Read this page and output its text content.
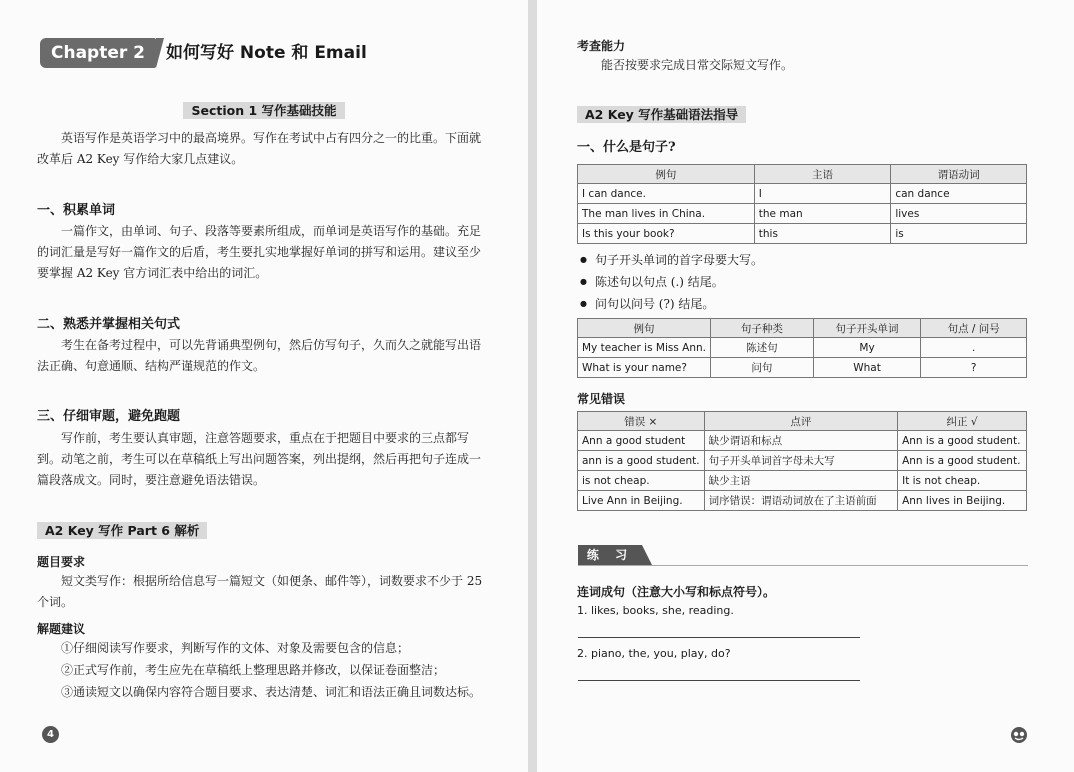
Chapter 2	如何写好 Note 和 Email
Section 1 写作基础技能
英语写作是英语学习中的最高境界。写作在考试中占有四分之一的比重。下面就改革后 A2 Key 写作给大家几点建议。
一、积累单词
一篇作文，由单词、句子、段落等要素所组成，而单词是英语写作的基础。充足的词汇量是写好一篇作文的后盾，考生要扎实地掌握好单词的拼写和运用。建议至少要掌握 A2 Key 官方词汇表中给出的词汇。
二、熟悉并掌握相关句式
考生在备考过程中，可以先背诵典型例句，然后仿写句子，久而久之就能写出语法正确、句意通顺、结构严谨规范的作文。
三、仔细审题，避免跑题
写作前，考生要认真审题，注意答题要求，重点在于把题目中要求的三点都写到。动笔之前，考生可以在草稿纸上写出问题答案，列出提纲，然后再把句子连成一篇段落成文。同时，要注意避免语法错误。
A2 Key 写作 Part 6 解析
题目要求
短文类写作：根据所给信息写一篇短文（如便条、邮件等），词数要求不少于 25 个词。
解题建议
①仔细阅读写作要求，判断写作的文体、对象及需要包含的信息；
②正式写作前，考生应先在草稿纸上整理思路并修改，以保证卷面整洁；
③通读短文以确保内容符合题目要求、表达清楚、词汇和语法正确且词数达标。
4
考查能力
能否按要求完成日常交际短文写作。
A2 Key 写作基础语法指导
一、什么是句子?
例句	主语	谓语动词
I can dance.	I	can dance
The man lives in China.	the man	lives
Is this your book?	this	is
● 句子开头单词的首字母要大写。
● 陈述句以句点 (.) 结尾。
● 问句以问号 (?) 结尾。
例句	句子种类	句子开头单词	句点 / 问号
My teacher is Miss Ann.	陈述句	My	.
What is your name?	问句	What	?
常见错误
错误 ×	点评	纠正 √
Ann a good student	缺少谓语和标点	Ann is a good student.
ann is a good student.	句子开头单词首字母未大写	Ann is a good student.
is not cheap.	缺少主语	It is not cheap.
Live Ann in Beijing.	词序错误：谓语动词放在了主语前面	Ann lives in Beijing.
练 习
连词成句（注意大小写和标点符号）。
1. likes, books, she, reading.
2. piano, the, you, play, do?
